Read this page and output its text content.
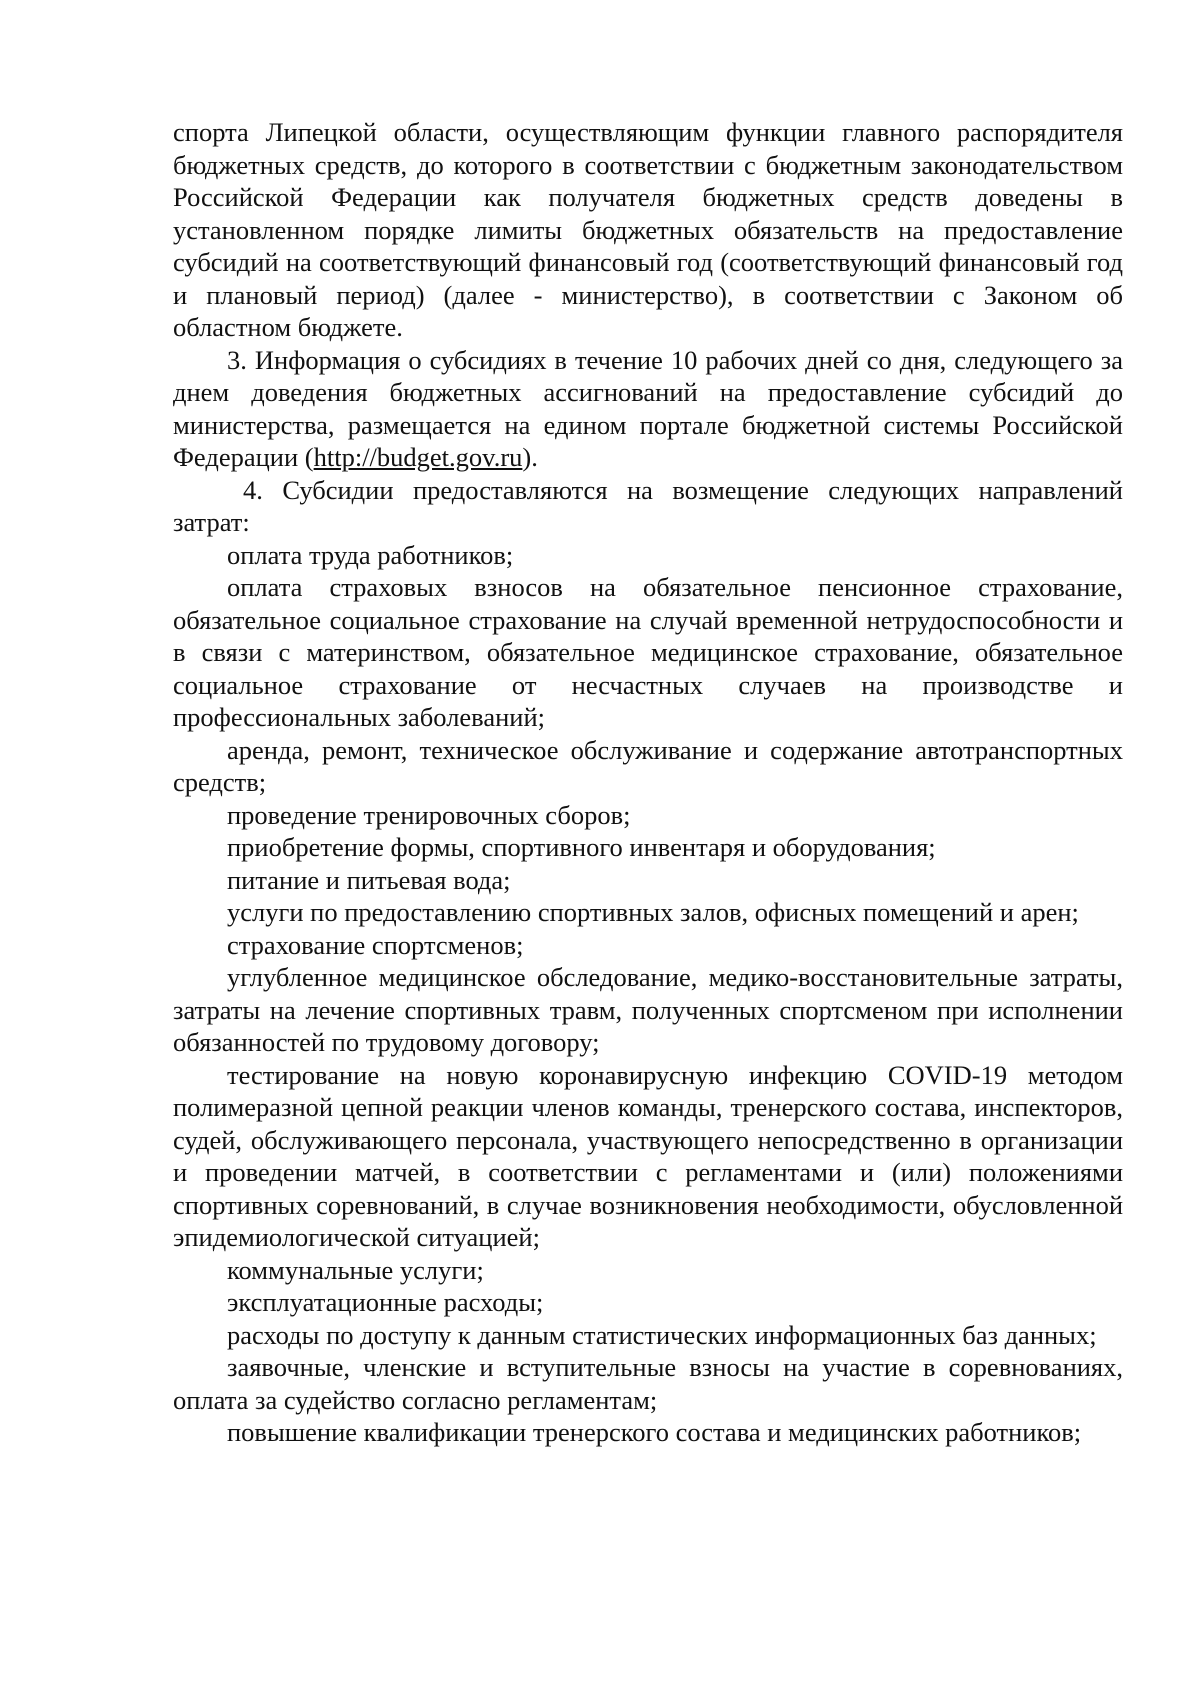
спорта Липецкой области, осуществляющим функции главного распорядителя бюджетных средств, до которого в соответствии с бюджетным законодательством Российской Федерации как получателя бюджетных средств доведены в установленном порядке лимиты бюджетных обязательств на предоставление субсидий на соответствующий финансовый год (соответствующий финансовый год и плановый период) (далее - министерство), в соответствии с Законом об областном бюджете.

3. Информация о субсидиях в течение 10 рабочих дней со дня, следующего за днем доведения бюджетных ассигнований на предоставление субсидий до министерства, размещается на едином портале бюджетной системы Российской Федерации (http://budget.gov.ru).

4. Субсидии предоставляются на возмещение следующих направлений затрат:

оплата труда работников;

оплата страховых взносов на обязательное пенсионное страхование, обязательное социальное страхование на случай временной нетрудоспособности и в связи с материнством, обязательное медицинское страхование, обязательное социальное страхование от несчастных случаев на производстве и профессиональных заболеваний;

аренда, ремонт, техническое обслуживание и содержание автотранспортных средств;

проведение тренировочных сборов;

приобретение формы, спортивного инвентаря и оборудования;

питание и питьевая вода;

услуги по предоставлению спортивных залов, офисных помещений и арен;

страхование спортсменов;

углубленное медицинское обследование, медико-восстановительные затраты, затраты на лечение спортивных травм, полученных спортсменом при исполнении обязанностей по трудовому договору;

тестирование на новую коронавирусную инфекцию COVID-19 методом полимеразной цепной реакции членов команды, тренерского состава, инспекторов, судей, обслуживающего персонала, участвующего непосредственно в организации и проведении матчей, в соответствии с регламентами и (или) положениями спортивных соревнований, в случае возникновения необходимости, обусловленной эпидемиологической ситуацией;

коммунальные услуги;

эксплуатационные расходы;

расходы по доступу к данным статистических информационных баз данных;

заявочные, членские и вступительные взносы на участие в соревнованиях, оплата за судейство согласно регламентам;

повышение квалификации тренерского состава и медицинских работников;
